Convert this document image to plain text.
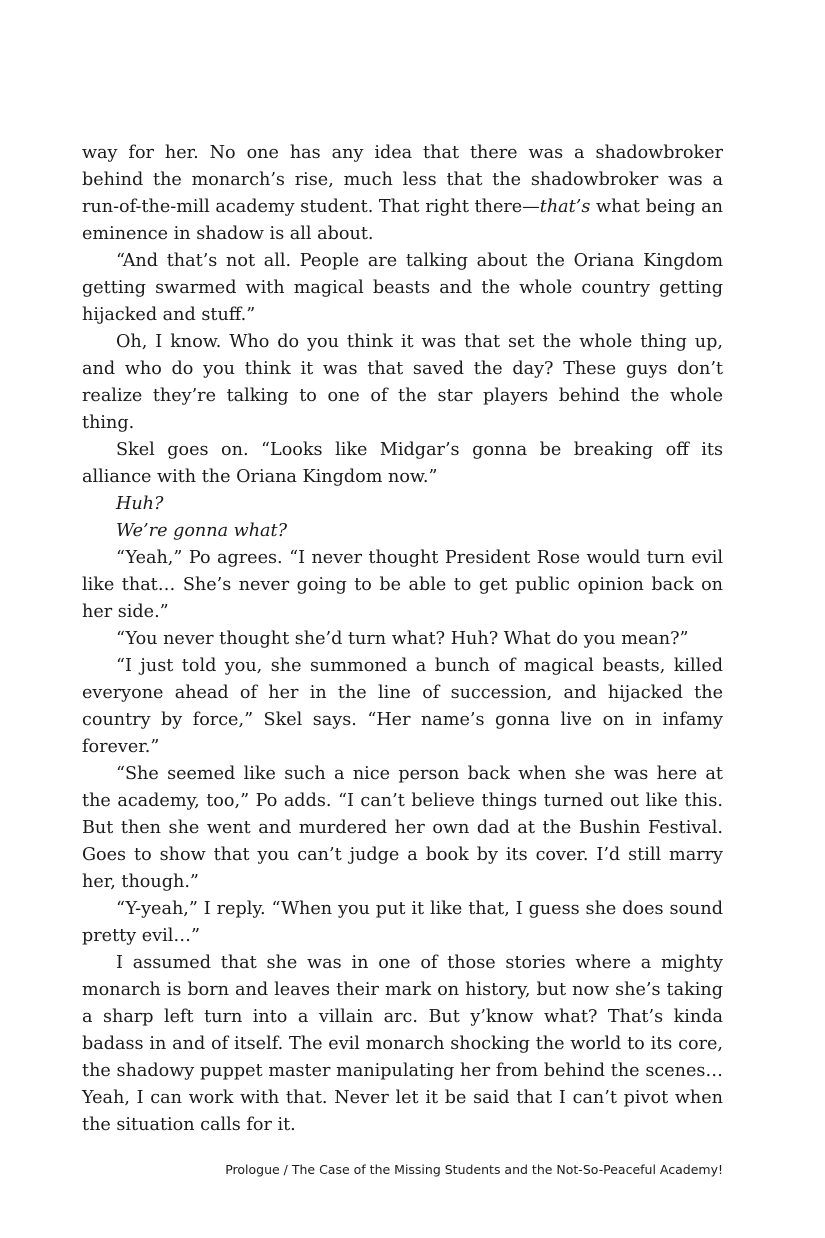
way for her. No one has any idea that there was a shadowbroker behind the monarch’s rise, much less that the shadowbroker was a run-of-the-mill academy student. That right there—that’s what being an eminence in shadow is all about.

“And that’s not all. People are talking about the Oriana Kingdom getting swarmed with magical beasts and the whole country getting hijacked and stuff.”

Oh, I know. Who do you think it was that set the whole thing up, and who do you think it was that saved the day? These guys don’t realize they’re talking to one of the star players behind the whole thing.

Skel goes on. “Looks like Midgar’s gonna be breaking off its alliance with the Oriana Kingdom now.”

Huh?

We’re gonna what?

“Yeah,” Po agrees. “I never thought President Rose would turn evil like that… She’s never going to be able to get public opinion back on her side.”

“You never thought she’d turn what? Huh? What do you mean?”

“I just told you, she summoned a bunch of magical beasts, killed everyone ahead of her in the line of succession, and hijacked the country by force,” Skel says. “Her name’s gonna live on in infamy forever.”

“She seemed like such a nice person back when she was here at the academy, too,” Po adds. “I can’t believe things turned out like this. But then she went and murdered her own dad at the Bushin Festival. Goes to show that you can’t judge a book by its cover. I’d still marry her, though.”

“Y-yeah,” I reply. “When you put it like that, I guess she does sound pretty evil…”

I assumed that she was in one of those stories where a mighty monarch is born and leaves their mark on history, but now she’s taking a sharp left turn into a villain arc. But y’know what? That’s kinda badass in and of itself. The evil monarch shocking the world to its core, the shadowy puppet master manipulating her from behind the scenes… Yeah, I can work with that. Never let it be said that I can’t pivot when the situation calls for it.

Prologue / The Case of the Missing Students and the Not-So-Peaceful Academy!
